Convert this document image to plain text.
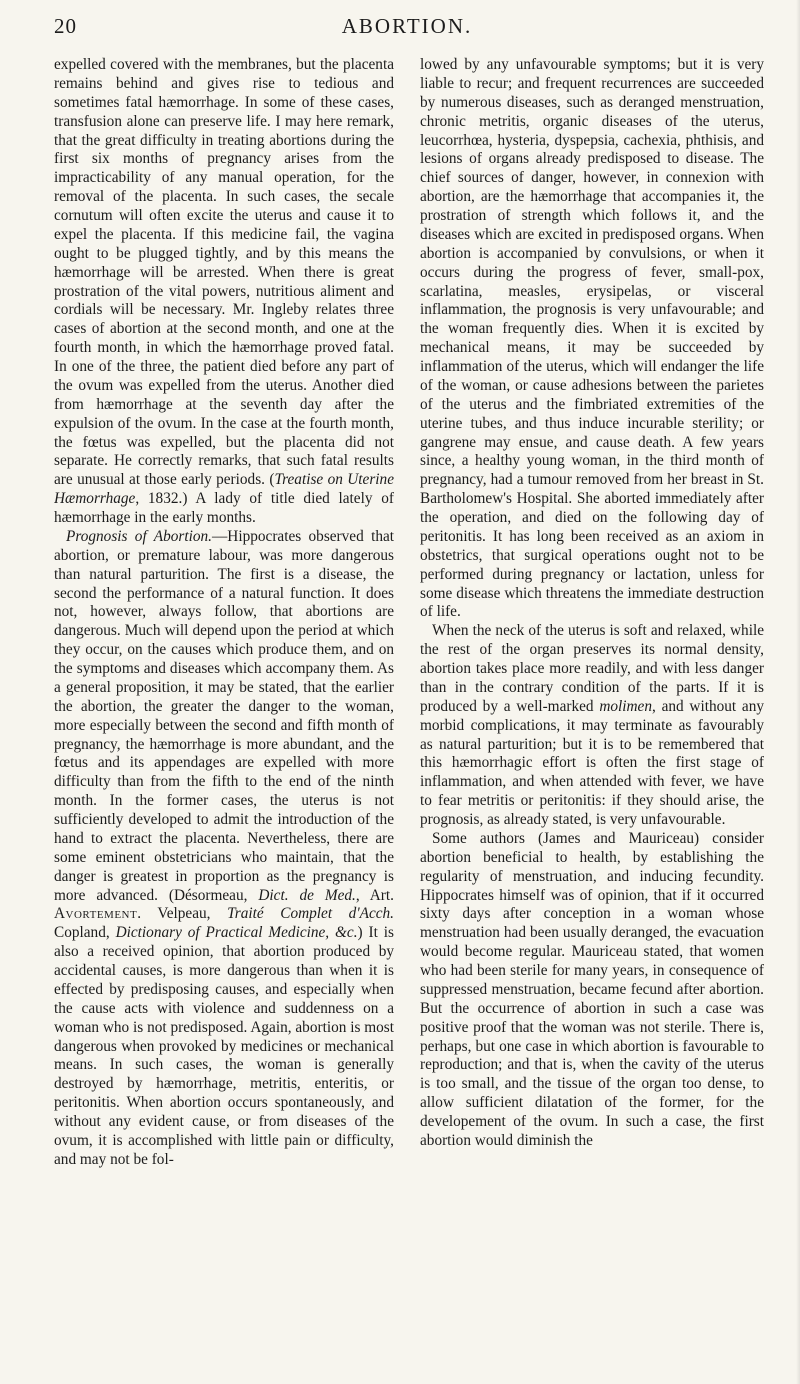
20	ABORTION.

expelled covered with the membranes, but the placenta remains behind and gives rise to tedious and sometimes fatal hæmorrhage. In some of these cases, transfusion alone can preserve life. I may here remark, that the great difficulty in treating abortions during the first six months of pregnancy arises from the impracticability of any manual operation, for the removal of the placenta. In such cases, the secale cornutum will often excite the uterus and cause it to expel the placenta. If this medicine fail, the vagina ought to be plugged tightly, and by this means the hæmorrhage will be arrested. When there is great prostration of the vital powers, nutritious aliment and cordials will be necessary. Mr. Ingleby relates three cases of abortion at the second month, and one at the fourth month, in which the hæmorrhage proved fatal. In one of the three, the patient died before any part of the ovum was expelled from the uterus. Another died from hæmorrhage at the seventh day after the expulsion of the ovum. In the case at the fourth month, the fœtus was expelled, but the placenta did not separate. He correctly remarks, that such fatal results are unusual at those early periods. (Treatise on Uterine Hæmorrhage, 1832.) A lady of title died lately of hæmorrhage in the early months.

Prognosis of Abortion.—Hippocrates observed that abortion, or premature labour, was more dangerous than natural parturition. The first is a disease, the second the performance of a natural function. It does not, however, always follow, that abortions are dangerous. Much will depend upon the period at which they occur, on the causes which produce them, and on the symptoms and diseases which accompany them. As a general proposition, it may be stated, that the earlier the abortion, the greater the danger to the woman, more especially between the second and fifth month of pregnancy, the hæmorrhage is more abundant, and the fœtus and its appendages are expelled with more difficulty than from the fifth to the end of the ninth month. In the former cases, the uterus is not sufficiently developed to admit the introduction of the hand to extract the placenta. Nevertheless, there are some eminent obstetricians who maintain, that the danger is greatest in proportion as the pregnancy is more advanced. (Désormeau, Dict. de Med., Art. Avortement. Velpeau, Traité Complet d'Acch. Copland, Dictionary of Practical Medicine, &c.) It is also a received opinion, that abortion produced by accidental causes, is more dangerous than when it is effected by predisposing causes, and especially when the cause acts with violence and suddenness on a woman who is not predisposed. Again, abortion is most dangerous when provoked by medicines or mechanical means. In such cases, the woman is generally destroyed by hæmorrhage, metritis, enteritis, or peritonitis. When abortion occurs spontaneously, and without any evident cause, or from diseases of the ovum, it is accomplished with little pain or difficulty, and may not be fol-

lowed by any unfavourable symptoms; but it is very liable to recur; and frequent recurrences are succeeded by numerous diseases, such as deranged menstruation, chronic metritis, organic diseases of the uterus, leucorrhœa, hysteria, dyspepsia, cachexia, phthisis, and lesions of organs already predisposed to disease. The chief sources of danger, however, in connexion with abortion, are the hæmorrhage that accompanies it, the prostration of strength which follows it, and the diseases which are excited in predisposed organs. When abortion is accompanied by convulsions, or when it occurs during the progress of fever, small-pox, scarlatina, measles, erysipelas, or visceral inflammation, the prognosis is very unfavourable; and the woman frequently dies. When it is excited by mechanical means, it may be succeeded by inflammation of the uterus, which will endanger the life of the woman, or cause adhesions between the parietes of the uterus and the fimbriated extremities of the uterine tubes, and thus induce incurable sterility; or gangrene may ensue, and cause death. A few years since, a healthy young woman, in the third month of pregnancy, had a tumour removed from her breast in St. Bartholomew's Hospital. She aborted immediately after the operation, and died on the following day of peritonitis. It has long been received as an axiom in obstetrics, that surgical operations ought not to be performed during pregnancy or lactation, unless for some disease which threatens the immediate destruction of life.

When the neck of the uterus is soft and relaxed, while the rest of the organ preserves its normal density, abortion takes place more readily, and with less danger than in the contrary condition of the parts. If it is produced by a well-marked molimen, and without any morbid complications, it may terminate as favourably as natural parturition; but it is to be remembered that this hæmorrhagic effort is often the first stage of inflammation, and when attended with fever, we have to fear metritis or peritonitis: if they should arise, the prognosis, as already stated, is very unfavourable.

Some authors (James and Mauriceau) consider abortion beneficial to health, by establishing the regularity of menstruation, and inducing fecundity. Hippocrates himself was of opinion, that if it occurred sixty days after conception in a woman whose menstruation had been usually deranged, the evacuation would become regular. Mauriceau stated, that women who had been sterile for many years, in consequence of suppressed menstruation, became fecund after abortion. But the occurrence of abortion in such a case was positive proof that the woman was not sterile. There is, perhaps, but one case in which abortion is favourable to reproduction; and that is, when the cavity of the uterus is too small, and the tissue of the organ too dense, to allow sufficient dilatation of the former, for the developement of the ovum. In such a case, the first abortion would diminish the
